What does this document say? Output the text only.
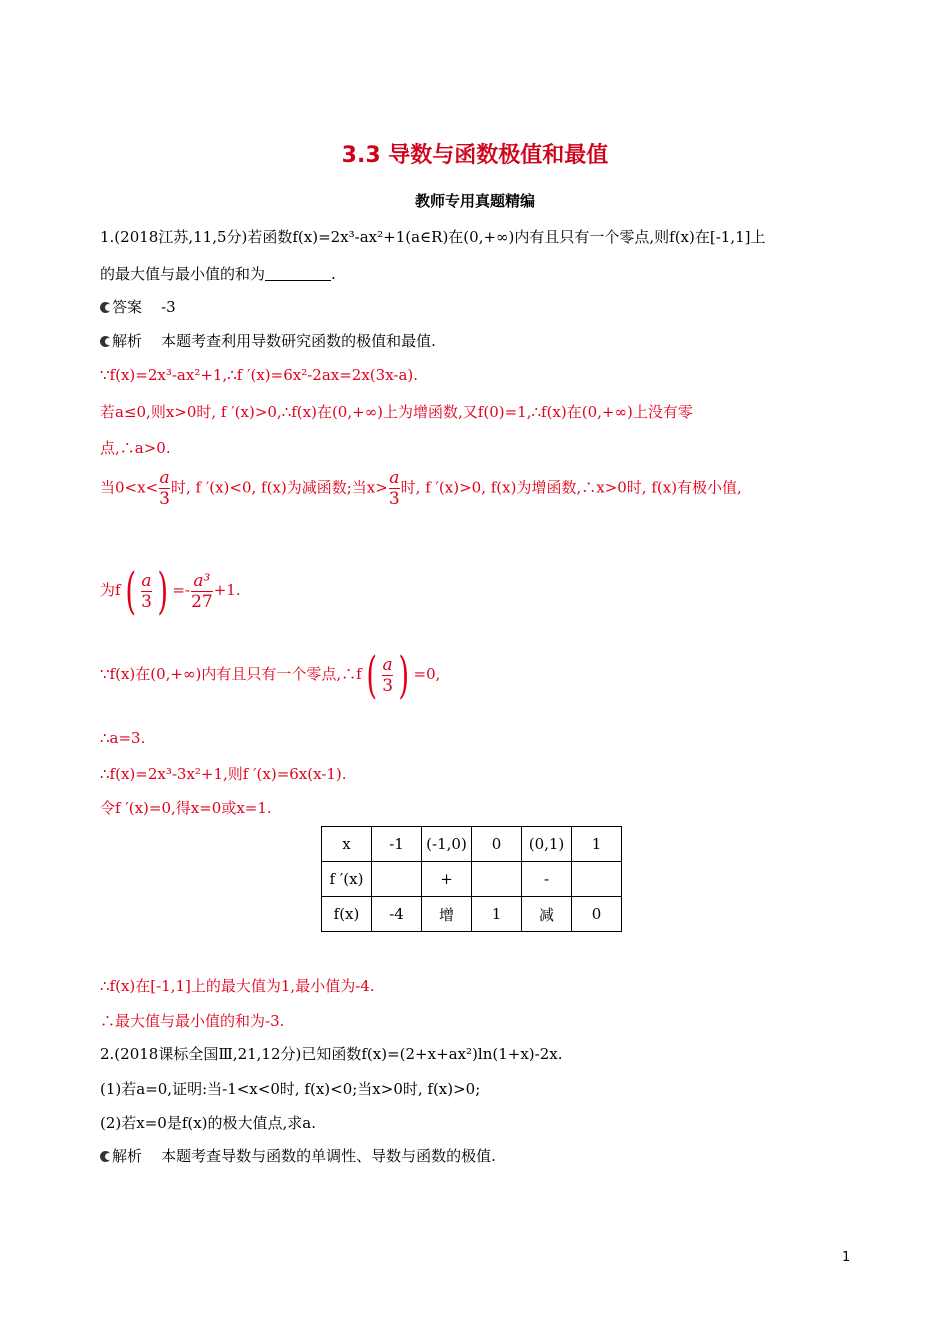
3.3 导数与函数极值和最值
教师专用真题精编
1.(2018江苏,11,5分)若函数f(x)=2x³-ax²+1(a∈R)在(0,+∞)内有且只有一个零点,则f(x)在[-1,1]上
的最大值与最小值的和为	.
答案 -3
解析 本题考查利用导数研究函数的极值和最值.
∵f(x)=2x³-ax²+1,∴f ′(x)=6x²-2ax=2x(3x-a).
若a≤0,则x>0时, f ′(x)>0,∴f(x)在(0,+∞)上为增函数,又f(0)=1,∴f(x)在(0,+∞)上没有零
点,∴a>0.
当$0<x< \frac{a}{3}$ 时, f ′(x)<0, f(x)为减函数;当$x> \frac{a}{3}$ 时, f ′(x)>0, f(x)为增函数,∴x>0时, f(x)有极小值,
为$f( \frac{a}{3}$ ) =- $\frac{\text{a³}}{27} +1$.
∵f(x)在(0,+∞)内有且只有一个零点,∴f( $\frac{a}{3}$ ) =0,
∴a=3.
∴f(x)=2x³-3x²+1,则f ′(x)=6x(x-1).
令f ′(x)=0,得x=0或x=1.
x	-1	(-1,0)	0	(0,1)	1
f ′(x)		+		-	
f(x)	-4	增	1	减	0
∴f(x)在[-1,1]上的最大值为1,最小值为-4.
∴最大值与最小值的和为-3.
2.(2018课标全国Ⅲ,21,12分)已知函数f(x)=(2+x+ax²)ln(1+x)-2x.
(1)若a=0,证明:当-1<x<0时, f(x)<0;当x>0时, f(x)>0;
(2)若x=0是f(x)的极大值点,求a.
解析 本题考查导数与函数的单调性、导数与函数的极值.
1
